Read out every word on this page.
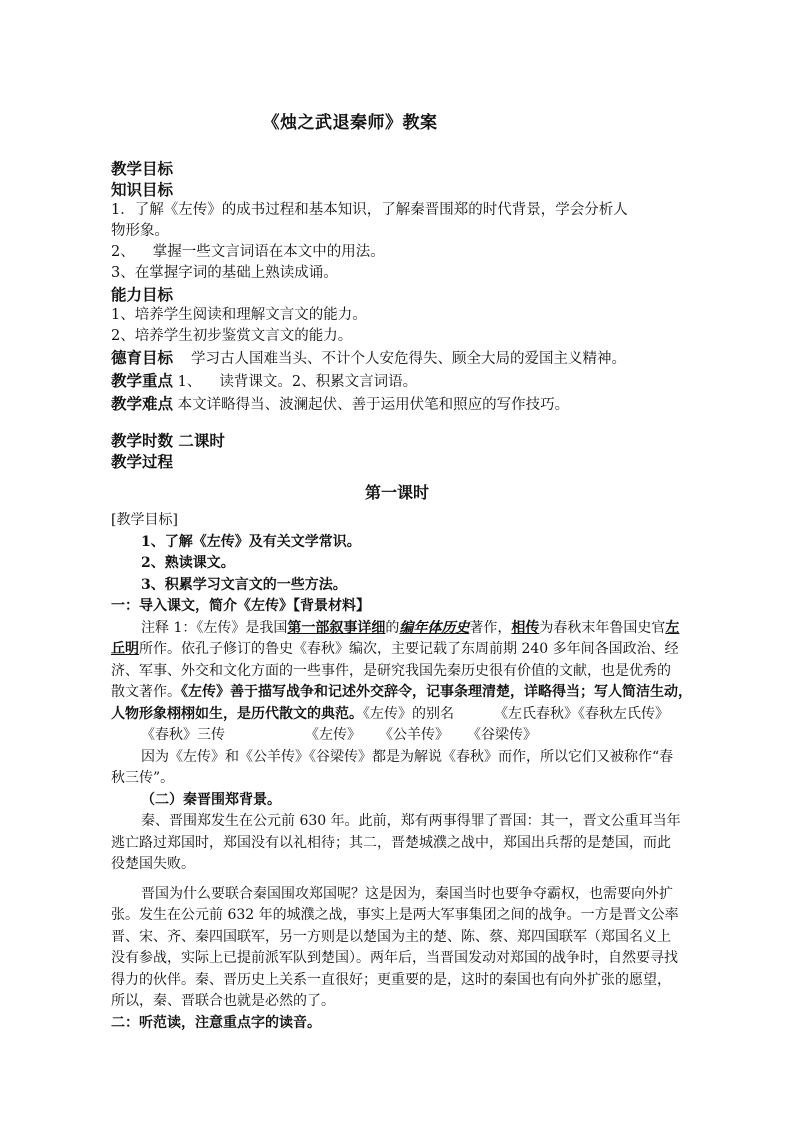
《烛之武退秦师》教案
教学目标
知识目标
1．了解《左传》的成书过程和基本知识，了解秦晋围郑的时代背景，学会分析人
物形象。
2、 掌握一些文言词语在本文中的用法。
3、在掌握字词的基础上熟读成诵。
能力目标
1、培养学生阅读和理解文言文的能力。
2、培养学生初步鉴赏文言文的能力。
德育目标 学习古人国难当头、不计个人安危得失、顾全大局的爱国主义精神。
教学重点 1、 读背课文。2、积累文言词语。
教学难点 本文详略得当、波澜起伏、善于运用伏笔和照应的写作技巧。
教学时数 二课时
教学过程
第一课时
[教学目标]
1、了解《左传》及有关文学常识。
2、熟读课文。
3、积累学习文言文的一些方法。
一：导入课文，简介《左传》【背景材料】
注释 1：《左传》是我国第一部叙事详细的编年体历史著作，相传为春秋末年鲁国史官左
丘明所作。依孔子修订的鲁史《春秋》编次，主要记载了东周前期 240 多年间各国政治、经
济、军事、外交和文化方面的一些事件，是研究我国先秦历史很有价值的文献，也是优秀的
散文著作。《左传》善于描写战争和记述外交辞令，记事条理清楚，详略得当；写人简洁生动，
人物形象栩栩如生，是历代散文的典范。《左传》的别名	《左氏春秋》《春秋左氏传》
《春秋》三传	《左传》 《公羊传》 《谷梁传》
因为《左传》和《公羊传》《谷梁传》都是为解说《春秋》而作，所以它们又被称作“春
秋三传”。
（二）秦晋围郑背景。
秦、晋围郑发生在公元前 630 年。此前，郑有两事得罪了晋国：其一，晋文公重耳当年
逃亡路过郑国时，郑国没有以礼相待；其二，晋楚城濮之战中，郑国出兵帮的是楚国，而此
役楚国失败。
晋国为什么要联合秦国围攻郑国呢？这是因为，秦国当时也要争夺霸权，也需要向外扩
张。发生在公元前 632 年的城濮之战，事实上是两大军事集团之间的战争。一方是晋文公率
晋、宋、齐、秦四国联军，另一方则是以楚国为主的楚、陈、蔡、郑四国联军（郑国名义上
没有参战，实际上已提前派军队到楚国）。两年后，当晋国发动对郑国的战争时，自然要寻找
得力的伙伴。秦、晋历史上关系一直很好；更重要的是，这时的秦国也有向外扩张的愿望，
所以，秦、晋联合也就是必然的了。
二：听范读，注意重点字的读音。
